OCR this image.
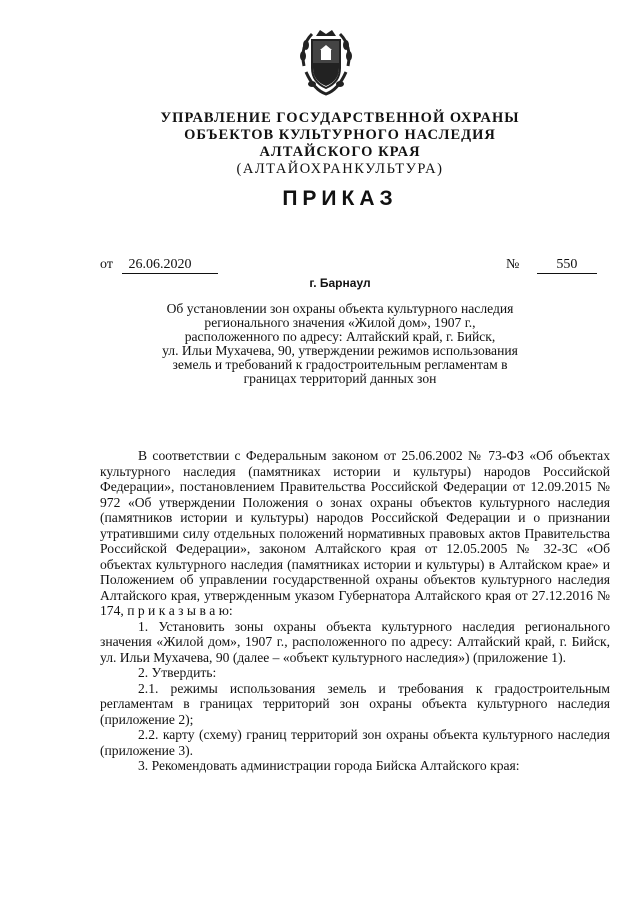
УПРАВЛЕНИЕ ГОСУДАРСТВЕННОЙ ОХРАНЫ
ОБЪЕКТОВ КУЛЬТУРНОГО НАСЛЕДИЯ
АЛТАЙСКОГО КРАЯ
(АЛТАЙОХРАНКУЛЬТУРА)
ПРИКАЗ
от 26.06.2020	№	550
г. Барнаул
Об установлении зон охраны объекта культурного наследия
регионального значения «Жилой дом», 1907 г.,
расположенного по адресу: Алтайский край, г. Бийск,
ул. Ильи Мухачева, 90, утверждении режимов использования
земель и требований к градостроительным регламентам в
границах территорий данных зон
В соответствии с Федеральным законом от 25.06.2002 № 73-ФЗ «Об объектах культурного наследия (памятниках истории и культуры) народов Российской Федерации», постановлением Правительства Российской Федерации от 12.09.2015 № 972 «Об утверждении Положения о зонах охраны объектов культурного наследия (памятников истории и культуры) народов Российской Федерации и о признании утратившими силу отдельных положений нормативных правовых актов Правительства Российской Федерации», законом Алтайского края от 12.05.2005 № 32-ЗС «Об объектах культурного наследия (памятниках истории и культуры) в Алтайском крае» и Положением об управлении государственной охраны объектов культурного наследия Алтайского края, утвержденным указом Губернатора Алтайского края от 27.12.2016 № 174, п р и к а з ы в а ю:
1. Установить зоны охраны объекта культурного наследия регионального значения «Жилой дом», 1907 г., расположенного по адресу: Алтайский край, г. Бийск, ул. Ильи Мухачева, 90 (далее – «объект культурного наследия») (приложение 1).
2. Утвердить:
2.1. режимы использования земель и требования к градостроительным регламентам в границах территорий зон охраны объекта культурного наследия (приложение 2);
2.2. карту (схему) границ территорий зон охраны объекта культурного наследия (приложение 3).
3. Рекомендовать администрации города Бийска Алтайского края:
